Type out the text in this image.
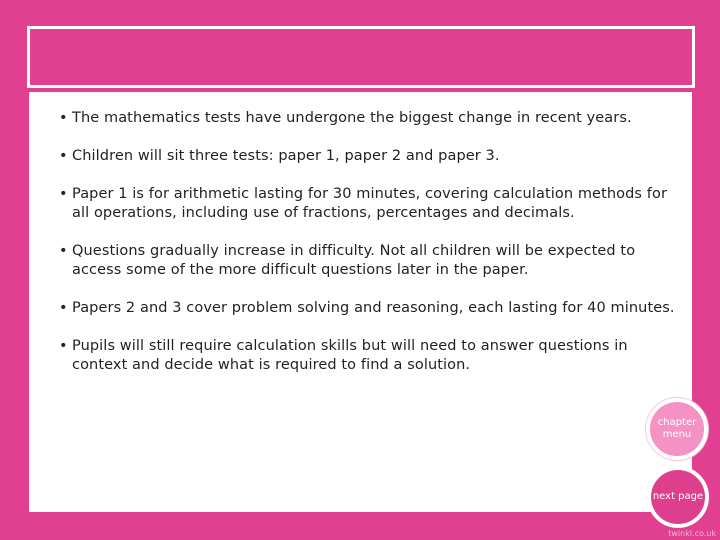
• The mathematics tests have undergone the biggest change in recent years.
• Children will sit three tests: paper 1, paper 2 and paper 3.
• Paper 1 is for arithmetic lasting for 30 minutes, covering calculation methods for all operations, including use of fractions, percentages and decimals.
• Questions gradually increase in difficulty. Not all children will be expected to access some of the more difficult questions later in the paper.
• Papers 2 and 3 cover problem solving and reasoning, each lasting for 40 minutes.
• Pupils will still require calculation skills but will need to answer questions in context and decide what is required to find a solution.
chapter menu
next page
twinkl.co.uk
